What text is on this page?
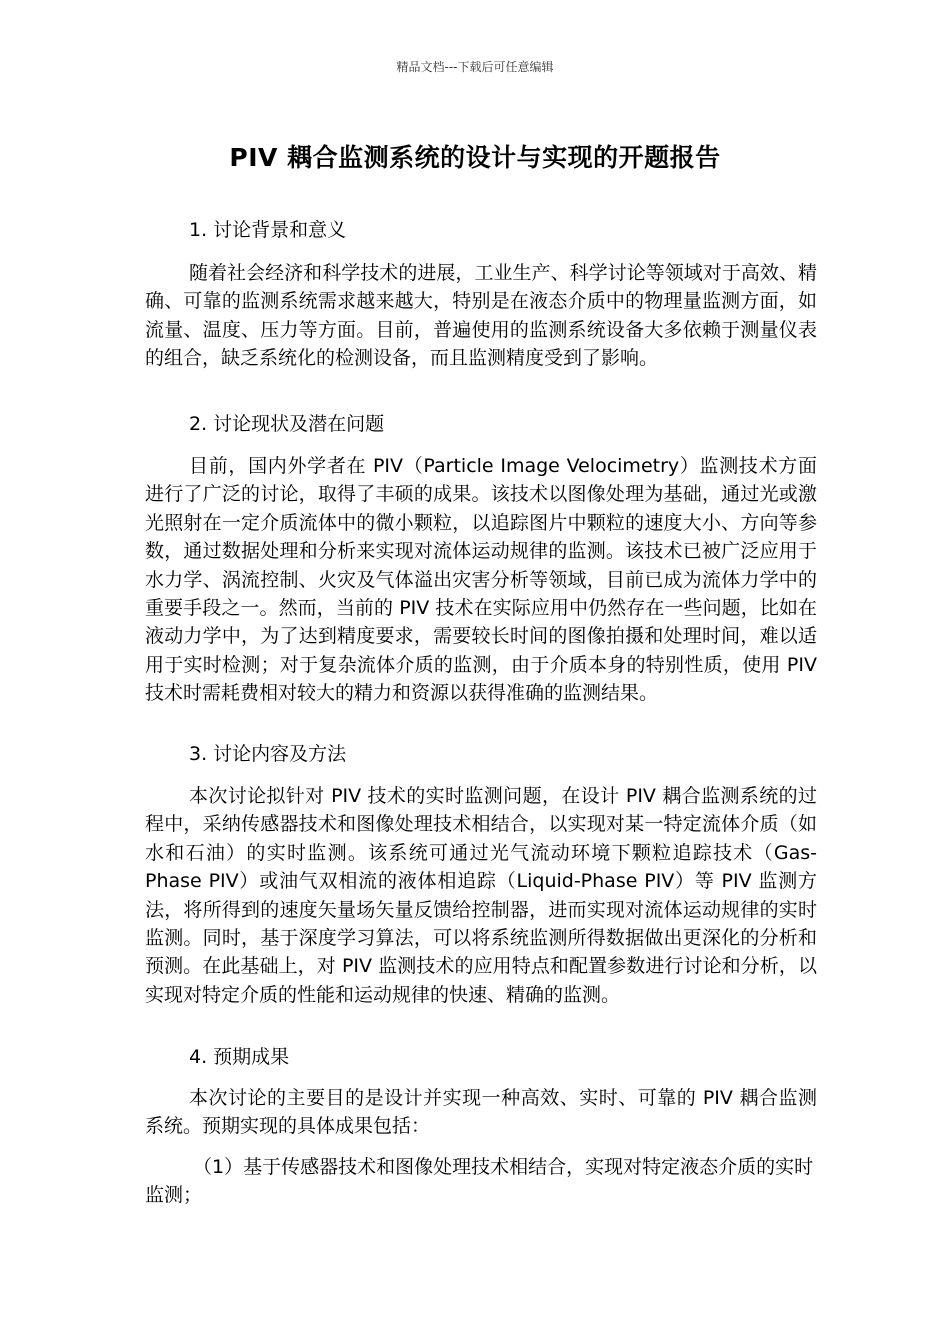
精品文档---下载后可任意编辑
PIV 耦合监测系统的设计与实现的开题报告
1. 讨论背景和意义

随着社会经济和科学技术的进展，工业生产、科学讨论等领域对于高效、精确、可靠的监测系统需求越来越大，特别是在液态介质中的物理量监测方面，如流量、温度、压力等方面。目前，普遍使用的监测系统设备大多依赖于测量仪表的组合，缺乏系统化的检测设备，而且监测精度受到了影响。

2. 讨论现状及潜在问题

目前，国内外学者在 PIV（Particle Image Velocimetry）监测技术方面进行了广泛的讨论，取得了丰硕的成果。该技术以图像处理为基础，通过光或激光照射在一定介质流体中的微小颗粒，以追踪图片中颗粒的速度大小、方向等参数，通过数据处理和分析来实现对流体运动规律的监测。该技术已被广泛应用于水力学、涡流控制、火灾及气体溢出灾害分析等领域，目前已成为流体力学中的重要手段之一。然而，当前的 PIV 技术在实际应用中仍然存在一些问题，比如在液动力学中，为了达到精度要求，需要较长时间的图像拍摄和处理时间，难以适用于实时检测；对于复杂流体介质的监测，由于介质本身的特别性质，使用 PIV 技术时需耗费相对较大的精力和资源以获得准确的监测结果。

3. 讨论内容及方法

本次讨论拟针对 PIV 技术的实时监测问题，在设计 PIV 耦合监测系统的过程中，采纳传感器技术和图像处理技术相结合，以实现对某一特定流体介质（如水和石油）的实时监测。该系统可通过光气流动环境下颗粒追踪技术（Gas-Phase PIV）或油气双相流的液体相追踪（Liquid-Phase PIV）等 PIV 监测方法，将所得到的速度矢量场矢量反馈给控制器，进而实现对流体运动规律的实时监测。同时，基于深度学习算法，可以将系统监测所得数据做出更深化的分析和预测。在此基础上，对 PIV 监测技术的应用特点和配置参数进行讨论和分析，以实现对特定介质的性能和运动规律的快速、精确的监测。

4. 预期成果

本次讨论的主要目的是设计并实现一种高效、实时、可靠的 PIV 耦合监测系统。预期实现的具体成果包括：

（1）基于传感器技术和图像处理技术相结合，实现对特定液态介质的实时监测；
